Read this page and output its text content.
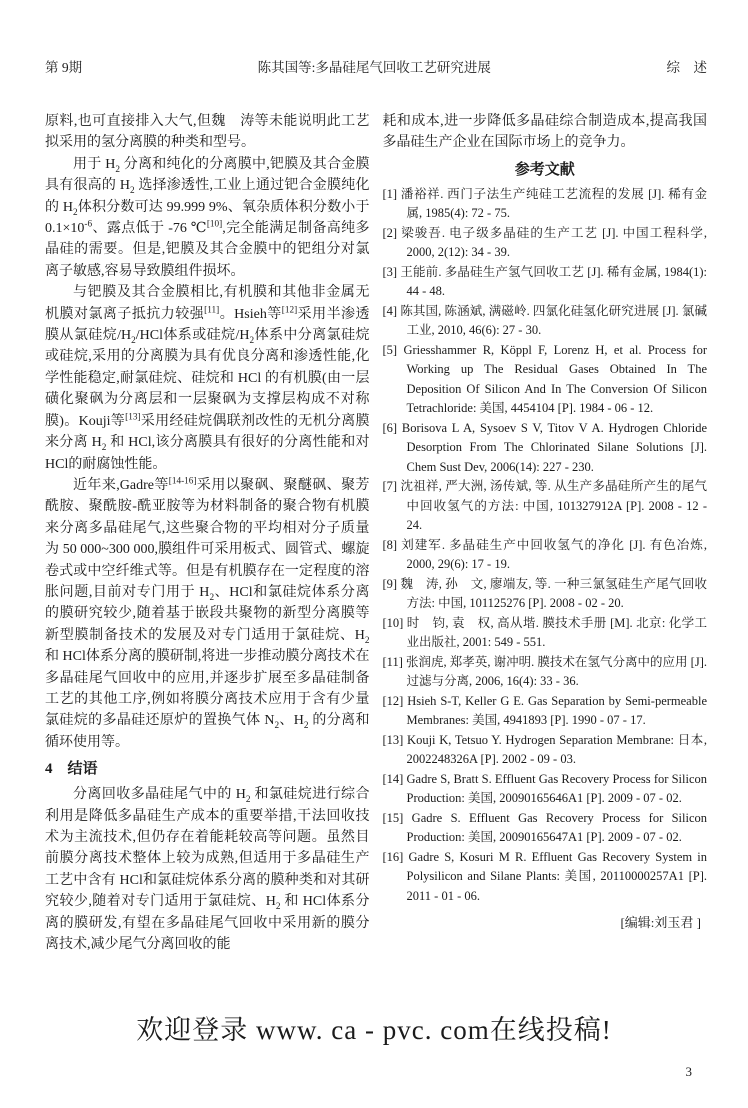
第 9期	陈其国等:多晶硅尾气回收工艺研究进展	综　述

原料,也可直接排入大气,但魏　涛等未能说明此工艺拟采用的氢分离膜的种类和型号。

用于 $H_2$ 分离和纯化的分离膜中,钯膜及其合金膜具有很高的 $H_2$ 选择渗透性,工业上通过钯合金膜纯化的 $H_2$体积分数可达 99.999 9%、氧杂质体积分数小于 $0.1\times 10^{-6}$、露点低于 -76 ℃[10],完全能满足制备高纯多晶硅的需要。但是,钯膜及其合金膜中的钯组分对氯离子敏感,容易导致膜组件损坏。

与钯膜及其合金膜相比,有机膜和其他非金属无机膜对氯离子抵抗力较强[11]。Hsieh等[12]采用半渗透膜从氯硅烷$/H_2$/HCl体系或硅烷$/H_2$体系中分离氯硅烷或硅烷,采用的分离膜为具有优良分离和渗透性能,化学性能稳定,耐氯硅烷、硅烷和 HCl 的有机膜(由一层磺化聚砜为分离层和一层聚砜为支撑层构成不对称膜)。Kouji等[13]采用经硅烷偶联剂改性的无机分离膜来分离 $H_2$ 和 HCl,该分离膜具有很好的分离性能和对 HCl的耐腐蚀性能。

近年来,Gadre等[14-16]采用以聚砜、聚醚砜、聚芳酰胺、聚酰胺-酰亚胺等为材料制备的聚合物有机膜来分离多晶硅尾气,这些聚合物的平均相对分子质量为 50 000~300 000,膜组件可采用板式、圆管式、螺旋卷式或中空纤维式等。但是有机膜存在一定程度的溶胀问题,目前对专门用于 $H_2$、HCl和氯硅烷体系分离的膜研究较少,随着基于嵌段共聚物的新型分离膜等新型膜制备技术的发展及对专门适用于氯硅烷、$H_2$ 和 HCl体系分离的膜研制,将进一步推动膜分离技术在多晶硅尾气回收中的应用,并逐步扩展至多晶硅制备工艺的其他工序,例如将膜分离技术应用于含有少量氯硅烷的多晶硅还原炉的置换气体 $N_2$、$H_2$ 的分离和循环使用等。

4　结语

分离回收多晶硅尾气中的 $H_2$ 和氯硅烷进行综合利用是降低多晶硅生产成本的重要举措,干法回收技术为主流技术,但仍存在着能耗较高等问题。虽然目前膜分离技术整体上较为成熟,但适用于多晶硅生产工艺中含有 HCl和氯硅烷体系分离的膜种类和对其研究较少,随着对专门适用于氯硅烷、$H_2$ 和 HCl体系分离的膜研发,有望在多晶硅尾气回收中采用新的膜分离技术,减少尾气分离回收的能

耗和成本,进一步降低多晶硅综合制造成本,提高我国多晶硅生产企业在国际市场上的竞争力。

参考文献
[1] 潘裕祥. 西门子法生产纯硅工艺流程的发展 [J]. 稀有金属, 1985(4): 72 - 75.
[2] 梁骏吾. 电子级多晶硅的生产工艺 [J]. 中国工程科学, 2000, 2(12): 34 - 39.
[3] 王能前. 多晶硅生产氢气回收工艺 [J]. 稀有金属, 1984(1): 44 - 48.
[4] 陈其国, 陈涵斌, 满磁岭. 四氯化硅氢化研究进展 [J]. 氯碱工业, 2010, 46(6): 27 - 30.
[5] Griesshammer R, Köppl F, Lorenz H, et al. Process for Working up The Residual Gases Obtained In The Deposition Of Silicon And In The Conversion Of Silicon Tetrachloride: 美国, 4454104 [P]. 1984 - 06 - 12.
[6] Borisova L A, Sysoev S V, Titov V A. Hydrogen Chloride Desorption From The Chlorinated Silane Solutions [J]. Chem Sust Dev, 2006(14): 227 - 230.
[7] 沈祖祥, 严大洲, 汤传斌, 等. 从生产多晶硅所产生的尾气中回收氢气的方法: 中国, 101327912A [P]. 2008 - 12 - 24.
[8] 刘建军. 多晶硅生产中回收氢气的净化 [J]. 有色冶炼, 2000, 29(6): 17 - 19.
[9] 魏　涛, 孙　文, 廖端友, 等. 一种三氯氢硅生产尾气回收方法: 中国, 101125276 [P]. 2008 - 02 - 20.
[10] 时　钧, 袁　权, 高从堦. 膜技术手册 [M]. 北京: 化学工业出版社, 2001: 549 - 551.
[11] 张润虎, 郑孝英, 谢冲明. 膜技术在氢气分离中的应用 [J]. 过滤与分离, 2006, 16(4): 33 - 36.
[12] Hsieh S-T, Keller G E. Gas Separation by Semi-permeable Membranes: 美国, 4941893 [P]. 1990 - 07 - 17.
[13] Kouji K, Tetsuo Y. Hydrogen Separation Membrane: 日本, 2002248326A [P]. 2002 - 09 - 03.
[14] Gadre S, Bratt S. Effluent Gas Recovery Process for Silicon Production: 美国, 20090165646A1 [P]. 2009 - 07 - 02.
[15] Gadre S. Effluent Gas Recovery Process for Silicon Production: 美国, 20090165647A1 [P]. 2009 - 07 - 02.
[16] Gadre S, Kosuri M R. Effluent Gas Recovery System in Polysilicon and Silane Plants: 美国, 20110000257A1 [P]. 2011 - 01 - 06.
[编辑:刘玉君 ]
欢迎登录 www. ca - pvc. com在线投稿!
3
